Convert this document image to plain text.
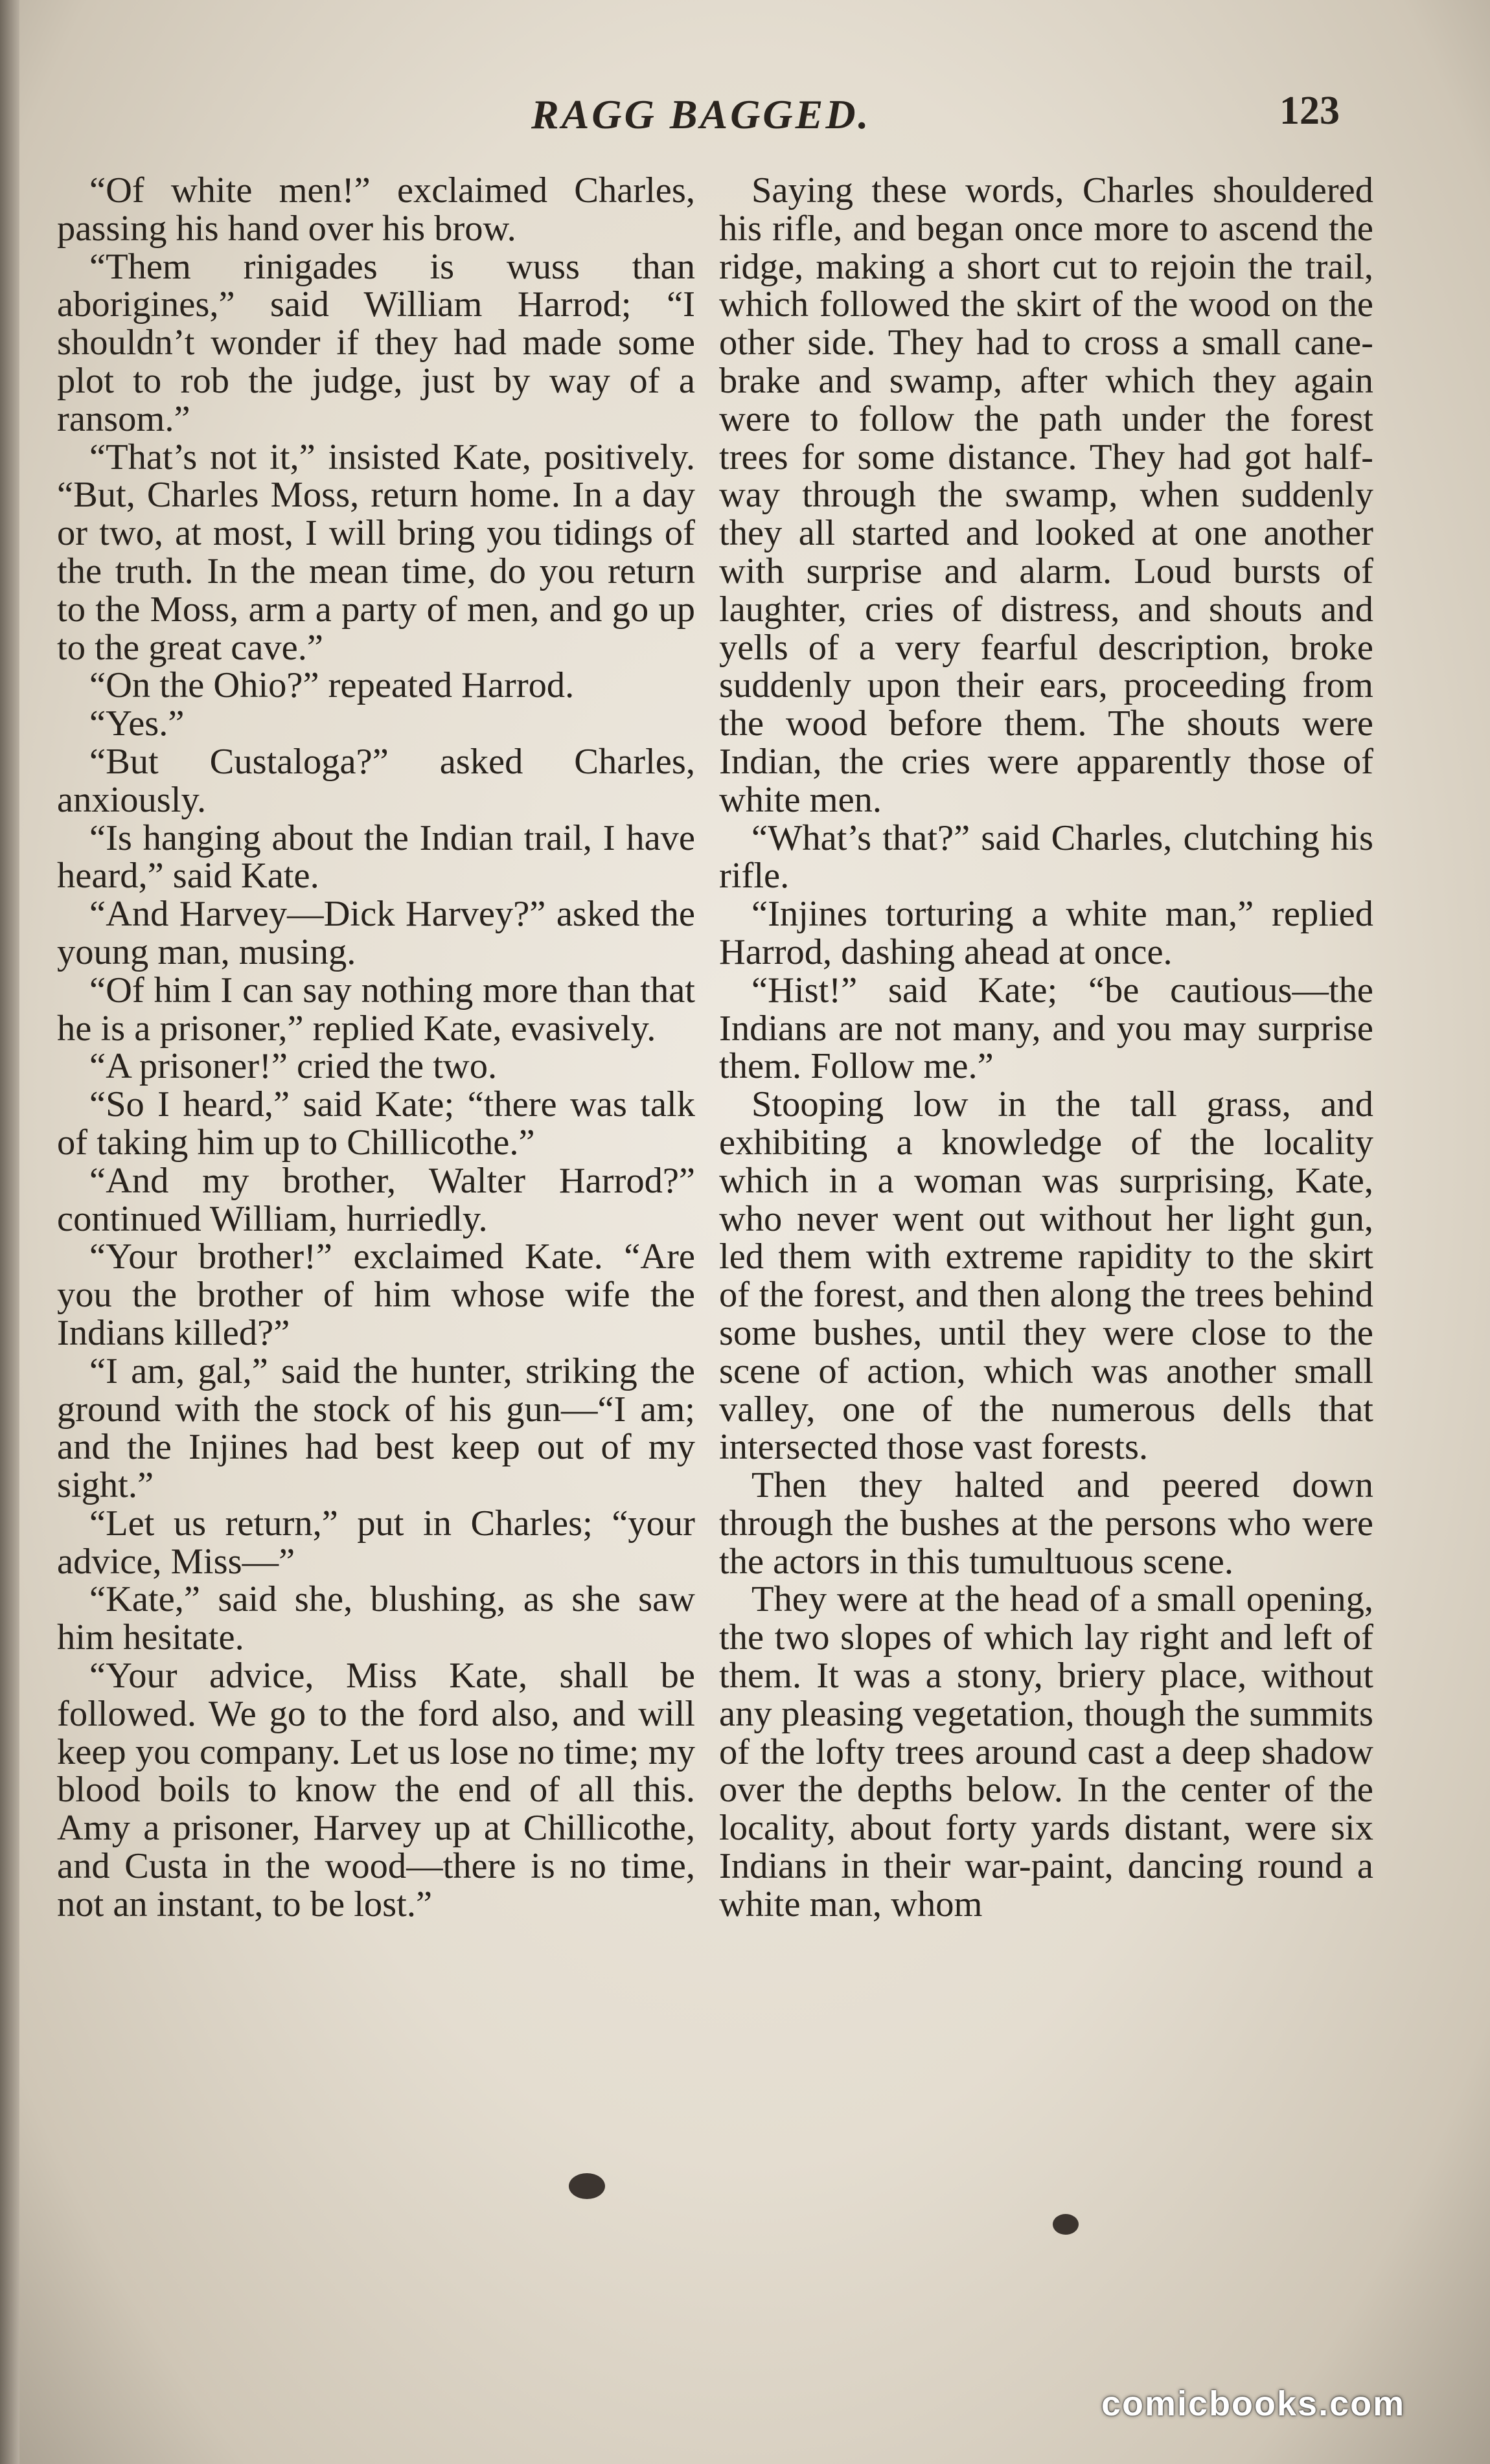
RAGG BAGGED.	123

“Of white men!” exclaimed Charles, passing his hand over his brow.

“Them rinigades is wuss than aborigines,” said William Harrod; “I shouldn’t wonder if they had made some plot to rob the judge, just by way of a ransom.”

“That’s not it,” insisted Kate, positively. “But, Charles Moss, return home. In a day or two, at most, I will bring you tidings of the truth. In the mean time, do you return to the Moss, arm a party of men, and go up to the great cave.”

“On the Ohio?” repeated Harrod.

“Yes.”

“But Custaloga?” asked Charles, anxiously.

“Is hanging about the Indian trail, I have heard,” said Kate.

“And Harvey—Dick Harvey?” asked the young man, musing.

“Of him I can say nothing more than that he is a prisoner,” replied Kate, evasively.

“A prisoner!” cried the two.

“So I heard,” said Kate; “there was talk of taking him up to Chillicothe.”

“And my brother, Walter Harrod?” continued William, hurriedly.

“Your brother!” exclaimed Kate. “Are you the brother of him whose wife the Indians killed?”

“I am, gal,” said the hunter, striking the ground with the stock of his gun—“I am; and the Injines had best keep out of my sight.”

“Let us return,” put in Charles; “your advice, Miss—”

“Kate,” said she, blushing, as she saw him hesitate.

“Your advice, Miss Kate, shall be followed. We go to the ford also, and will keep you company. Let us lose no time; my blood boils to know the end of all this. Amy a prisoner, Harvey up at Chillicothe, and Custa in the wood—there is no time, not an instant, to be lost.”

Saying these words, Charles shouldered his rifle, and began once more to ascend the ridge, making a short cut to rejoin the trail, which followed the skirt of the wood on the other side. They had to cross a small cane-brake and swamp, after which they again were to follow the path under the forest trees for some distance. They had got half-way through the swamp, when suddenly they all started and looked at one another with surprise and alarm. Loud bursts of laughter, cries of distress, and shouts and yells of a very fearful description, broke suddenly upon their ears, proceeding from the wood before them. The shouts were Indian, the cries were apparently those of white men.

“What’s that?” said Charles, clutching his rifle.

“Injines torturing a white man,” replied Harrod, dashing ahead at once.

“Hist!” said Kate; “be cautious—the Indians are not many, and you may surprise them. Follow me.”

Stooping low in the tall grass, and exhibiting a knowledge of the locality which in a woman was surprising, Kate, who never went out without her light gun, led them with extreme rapidity to the skirt of the forest, and then along the trees behind some bushes, until they were close to the scene of action, which was another small valley, one of the numerous dells that intersected those vast forests.

Then they halted and peered down through the bushes at the persons who were the actors in this tumultuous scene.

They were at the head of a small opening, the two slopes of which lay right and left of them. It was a stony, briery place, without any pleasing vegetation, though the summits of the lofty trees around cast a deep shadow over the depths below. In the center of the locality, about forty yards distant, were six Indians in their war-paint, dancing round a white man, whom

comicbooks.com
